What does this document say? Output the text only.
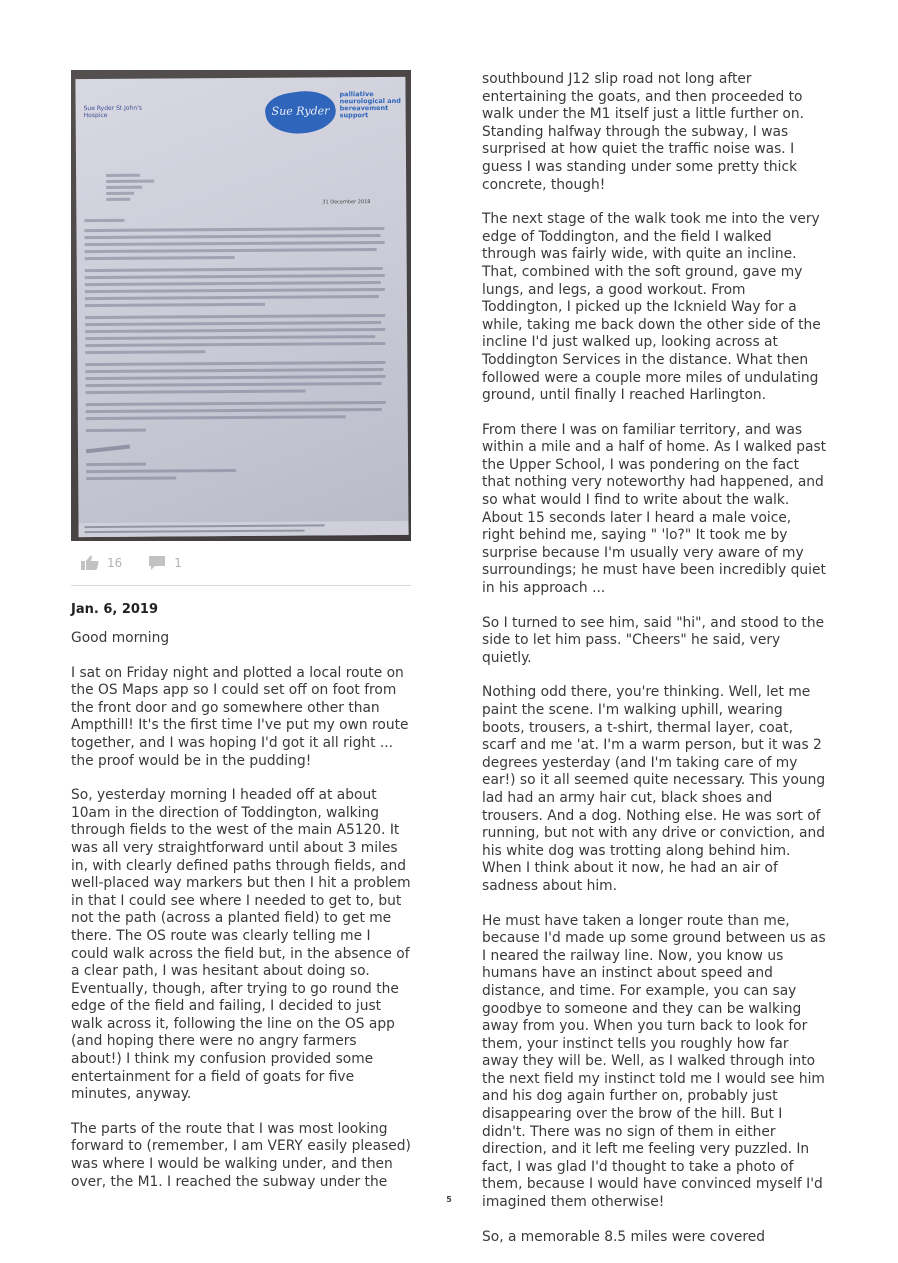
Sue Ryder St John's
Hospice	Sue Ryder
palliative neurological and bereavement support
31 December 2018
16	1
Jan. 6, 2019

Good morning

I sat on Friday night and plotted a local route on the OS Maps app so I could set off on foot from the front door and go somewhere other than Ampthill! It's the first time I've put my own route together, and I was hoping I'd got it all right ... the proof would be in the pudding!

So, yesterday morning I headed off at about 10am in the direction of Toddington, walking through fields to the west of the main A5120. It was all very straightforward until about 3 miles in, with clearly defined paths through fields, and well-placed way markers but then I hit a problem in that I could see where I needed to get to, but not the path (across a planted field) to get me there. The OS route was clearly telling me I could walk across the field but, in the absence of a clear path, I was hesitant about doing so. Eventually, though, after trying to go round the edge of the field and failing, I decided to just walk across it, following the line on the OS app (and hoping there were no angry farmers about!) I think my confusion provided some entertainment for a field of goats for five minutes, anyway.

The parts of the route that I was most looking forward to (remember, I am VERY easily pleased) was where I would be walking under, and then over, the M1. I reached the subway under the

southbound J12 slip road not long after entertaining the goats, and then proceeded to walk under the M1 itself just a little further on. Standing halfway through the subway, I was surprised at how quiet the traffic noise was. I guess I was standing under some pretty thick concrete, though!

The next stage of the walk took me into the very edge of Toddington, and the field I walked through was fairly wide, with quite an incline. That, combined with the soft ground, gave my lungs, and legs, a good workout. From Toddington, I picked up the Icknield Way for a while, taking me back down the other side of the incline I'd just walked up, looking across at Toddington Services in the distance. What then followed were a couple more miles of undulating ground, until finally I reached Harlington.

From there I was on familiar territory, and was within a mile and a half of home. As I walked past the Upper School, I was pondering on the fact that nothing very noteworthy had happened, and so what would I find to write about the walk. About 15 seconds later I heard a male voice, right behind me, saying " 'lo?" It took me by surprise because I'm usually very aware of my surroundings; he must have been incredibly quiet in his approach ...

So I turned to see him, said "hi", and stood to the side to let him pass. "Cheers" he said, very quietly.

Nothing odd there, you're thinking. Well, let me paint the scene. I'm walking uphill, wearing boots, trousers, a t-shirt, thermal layer, coat, scarf and me 'at. I'm a warm person, but it was 2 degrees yesterday (and I'm taking care of my ear!) so it all seemed quite necessary. This young lad had an army hair cut, black shoes and trousers. And a dog. Nothing else. He was sort of running, but not with any drive or conviction, and his white dog was trotting along behind him. When I think about it now, he had an air of sadness about him.

He must have taken a longer route than me, because I'd made up some ground between us as I neared the railway line. Now, you know us humans have an instinct about speed and distance, and time. For example, you can say goodbye to someone and they can be walking away from you. When you turn back to look for them, your instinct tells you roughly how far away they will be. Well, as I walked through into the next field my instinct told me I would see him and his dog again further on, probably just disappearing over the brow of the hill. But I didn't. There was no sign of them in either direction, and it left me feeling very puzzled. In fact, I was glad I'd thought to take a photo of them, because I would have convinced myself I'd imagined them otherwise!

So, a memorable 8.5 miles were covered

5
